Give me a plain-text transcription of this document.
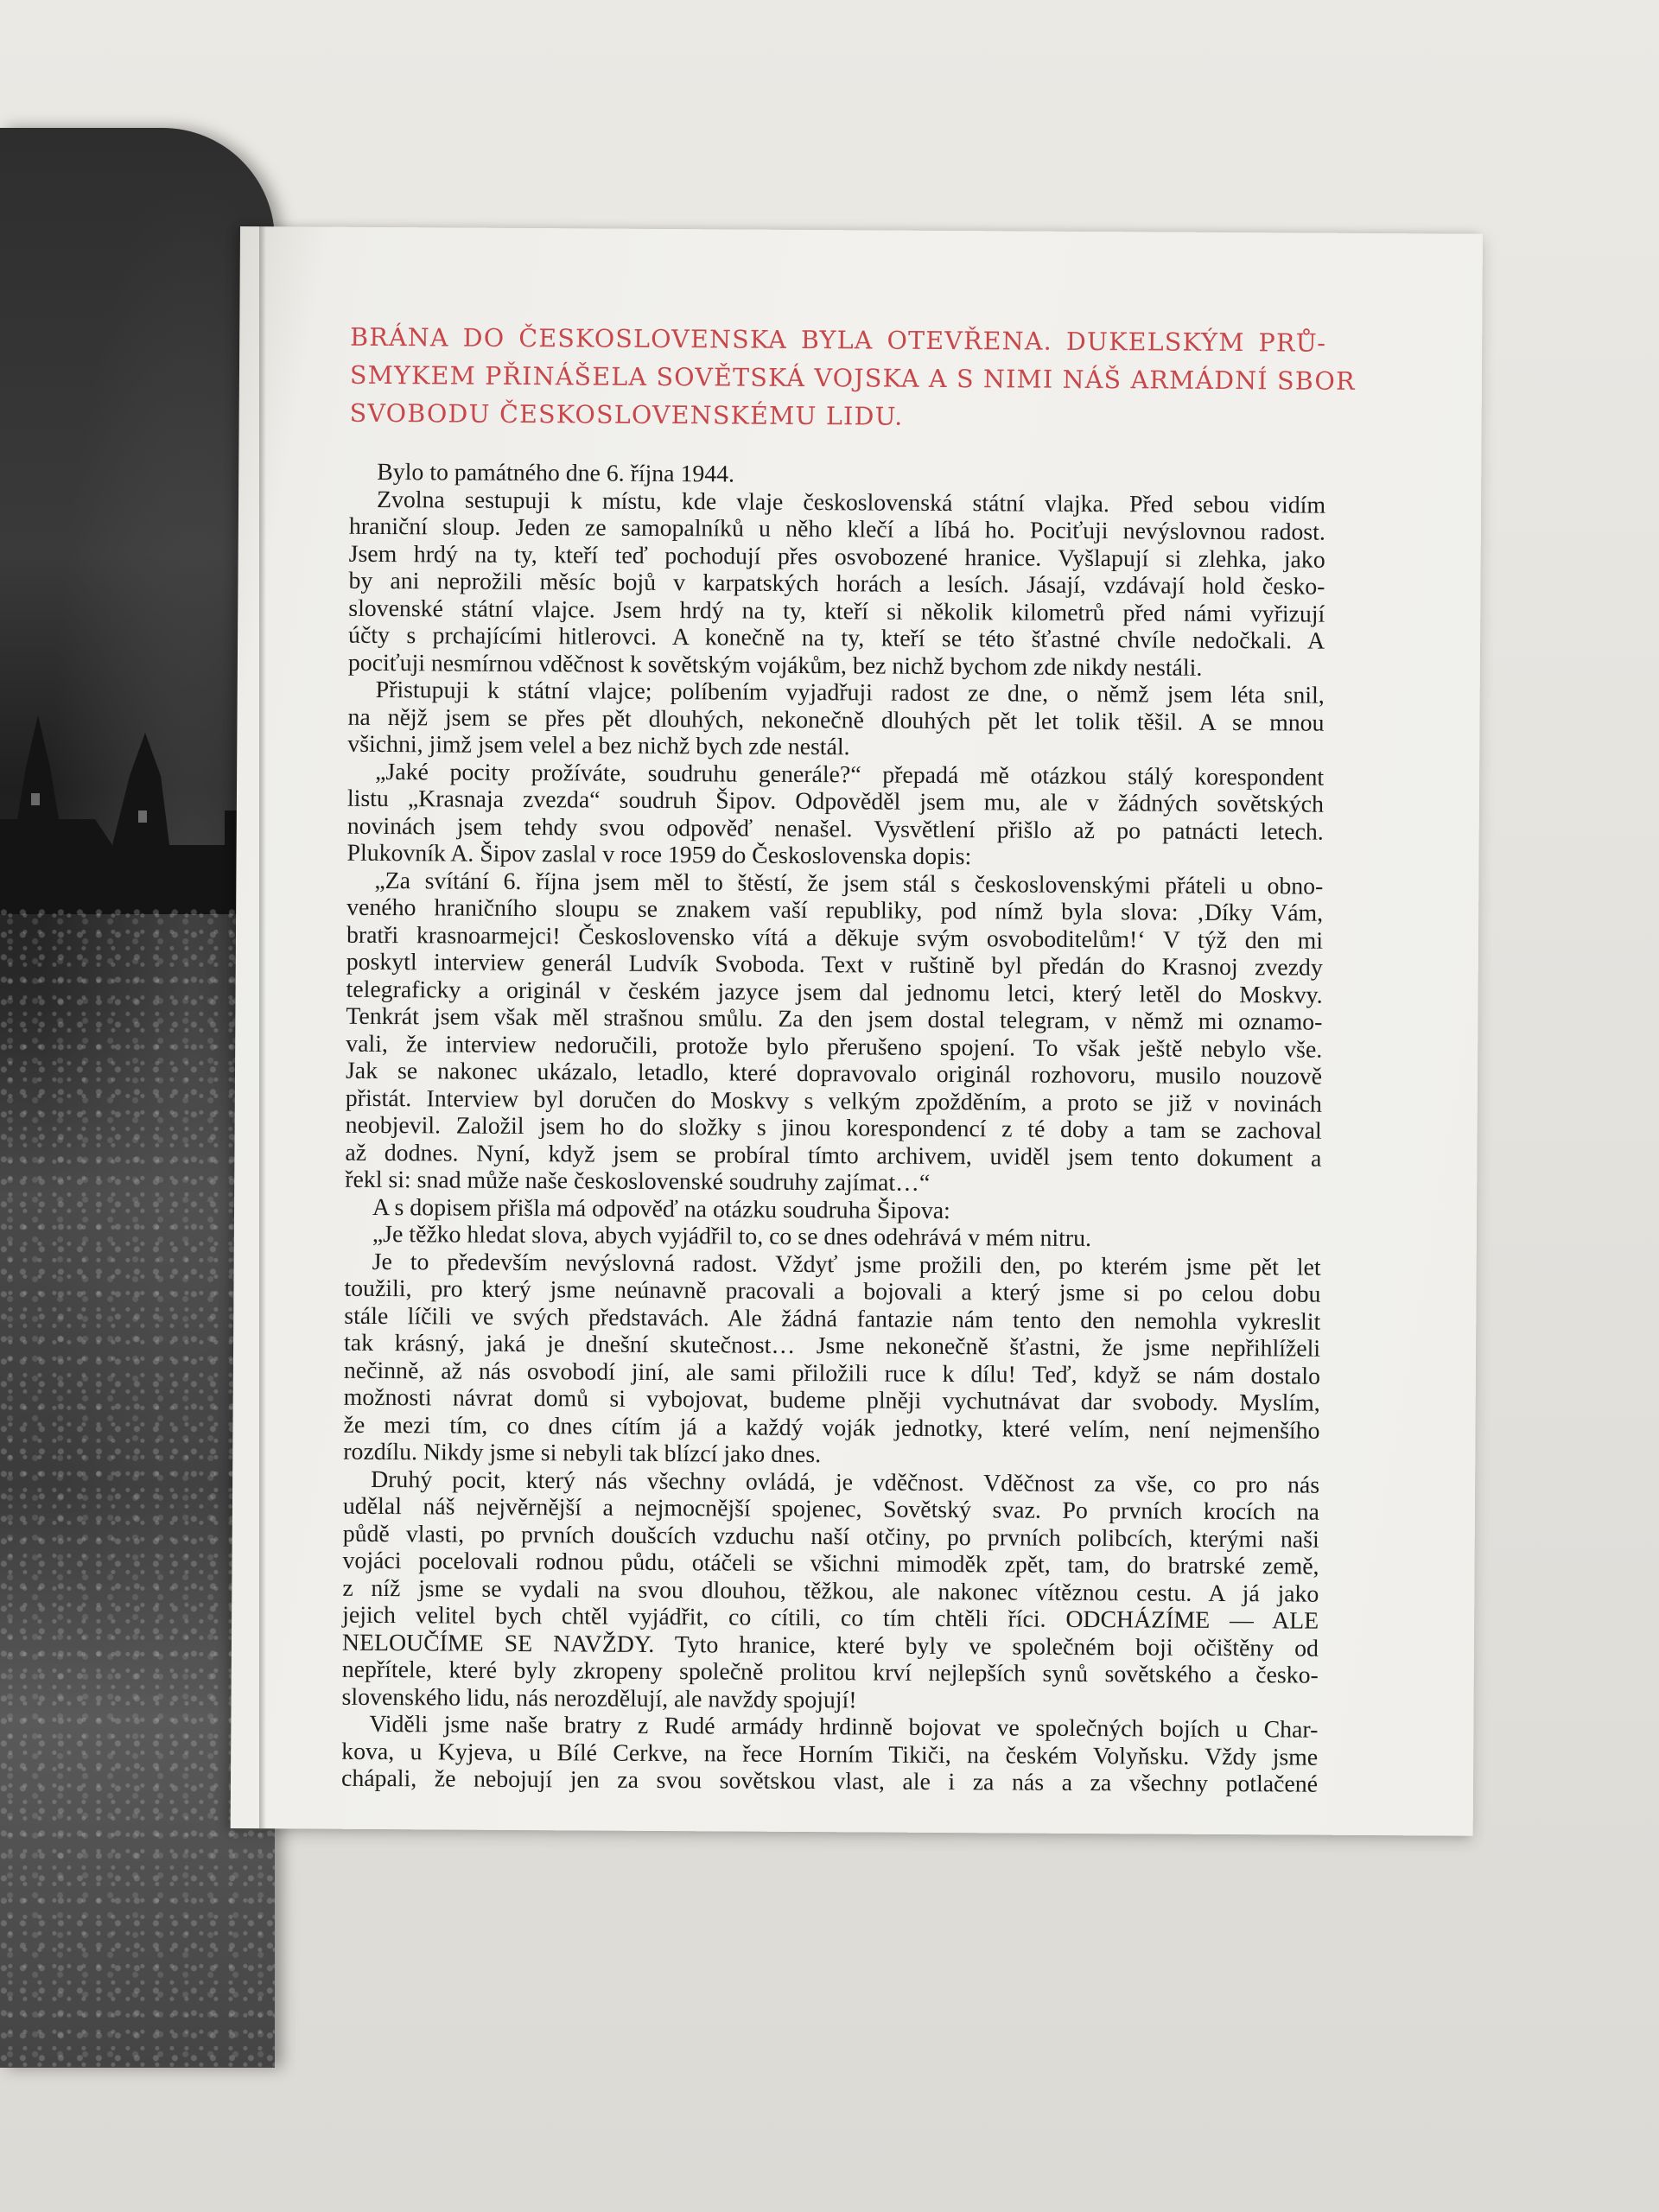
BRÁNA DO ČESKOSLOVENSKA BYLA OTEVŘENA. DUKELSKÝM PRŮ-
SMYKEM PŘINÁŠELA SOVĚTSKÁ VOJSKA A S NIMI NÁŠ ARMÁDNÍ SBOR
SVOBODU ČESKOSLOVENSKÉMU LIDU.
Bylo to památného dne 6. října 1944.
Zvolna sestupuji k místu, kde vlaje československá státní vlajka. Před sebou vidím
hraniční sloup. Jeden ze samopalníků u něho klečí a líbá ho. Pociťuji nevýslovnou radost.
Jsem hrdý na ty, kteří teď pochodují přes osvobozené hranice. Vyšlapují si zlehka, jako
by ani neprožili měsíc bojů v karpatských horách a lesích. Jásají, vzdávají hold česko-
slovenské státní vlajce. Jsem hrdý na ty, kteří si několik kilometrů před námi vyřizují
účty s prchajícími hitlerovci. A konečně na ty, kteří se této šťastné chvíle nedočkali. A
pociťuji nesmírnou vděčnost k sovětským vojákům, bez nichž bychom zde nikdy nestáli.
Přistupuji k státní vlajce; políbením vyjadřuji radost ze dne, o němž jsem léta snil,
na nějž jsem se přes pět dlouhých, nekonečně dlouhých pět let tolik těšil. A se mnou
všichni, jimž jsem velel a bez nichž bych zde nestál.
„Jaké pocity prožíváte, soudruhu generále?“ přepadá mě otázkou stálý korespondent
listu „Krasnaja zvezda“ soudruh Šipov. Odpověděl jsem mu, ale v žádných sovětských
novinách jsem tehdy svou odpověď nenašel. Vysvětlení přišlo až po patnácti letech.
Plukovník A. Šipov zaslal v roce 1959 do Československa dopis:
„Za svítání 6. října jsem měl to štěstí, že jsem stál s československými přáteli u obno-
veného hraničního sloupu se znakem vaší republiky, pod nímž byla slova: ‚Díky Vám,
bratři krasnoarmejci! Československo vítá a děkuje svým osvoboditelům!‘ V týž den mi
poskytl interview generál Ludvík Svoboda. Text v ruštině byl předán do Krasnoj zvezdy
telegraficky a originál v českém jazyce jsem dal jednomu letci, který letěl do Moskvy.
Tenkrát jsem však měl strašnou smůlu. Za den jsem dostal telegram, v němž mi oznamo-
vali, že interview nedoručili, protože bylo přerušeno spojení. To však ještě nebylo vše.
Jak se nakonec ukázalo, letadlo, které dopravovalo originál rozhovoru, musilo nouzově
přistát. Interview byl doručen do Moskvy s velkým zpožděním, a proto se již v novinách
neobjevil. Založil jsem ho do složky s jinou korespondencí z té doby a tam se zachoval
až dodnes. Nyní, když jsem se probíral tímto archivem, uviděl jsem tento dokument a
řekl si: snad může naše československé soudruhy zajímat…“
A s dopisem přišla má odpověď na otázku soudruha Šipova:
„Je těžko hledat slova, abych vyjádřil to, co se dnes odehrává v mém nitru.
Je to především nevýslovná radost. Vždyť jsme prožili den, po kterém jsme pět let
toužili, pro který jsme neúnavně pracovali a bojovali a který jsme si po celou dobu
stále líčili ve svých představách. Ale žádná fantazie nám tento den nemohla vykreslit
tak krásný, jaká je dnešní skutečnost… Jsme nekonečně šťastni, že jsme nepřihlíželi
nečinně, až nás osvobodí jiní, ale sami přiložili ruce k dílu! Teď, když se nám dostalo
možnosti návrat domů si vybojovat, budeme plněji vychutnávat dar svobody. Myslím,
že mezi tím, co dnes cítím já a každý voják jednotky, které velím, není nejmenšího
rozdílu. Nikdy jsme si nebyli tak blízcí jako dnes.
Druhý pocit, který nás všechny ovládá, je vděčnost. Vděčnost za vše, co pro nás
udělal náš nejvěrnější a nejmocnější spojenec, Sovětský svaz. Po prvních krocích na
půdě vlasti, po prvních doušcích vzduchu naší otčiny, po prvních polibcích, kterými naši
vojáci pocelovali rodnou půdu, otáčeli se všichni mimoděk zpět, tam, do bratrské země,
z níž jsme se vydali na svou dlouhou, těžkou, ale nakonec vítěznou cestu. A já jako
jejich velitel bych chtěl vyjádřit, co cítili, co tím chtěli říci. ODCHÁZÍME — ALE
NELOUČÍME SE NAVŽDY. Tyto hranice, které byly ve společném boji očištěny od
nepřítele, které byly zkropeny společně prolitou krví nejlepších synů sovětského a česko-
slovenského lidu, nás nerozdělují, ale navždy spojují!
Viděli jsme naše bratry z Rudé armády hrdinně bojovat ve společných bojích u Char-
kova, u Kyjeva, u Bílé Cerkve, na řece Horním Tikiči, na českém Volyňsku. Vždy jsme
chápali, že nebojují jen za svou sovětskou vlast, ale i za nás a za všechny potlačené
